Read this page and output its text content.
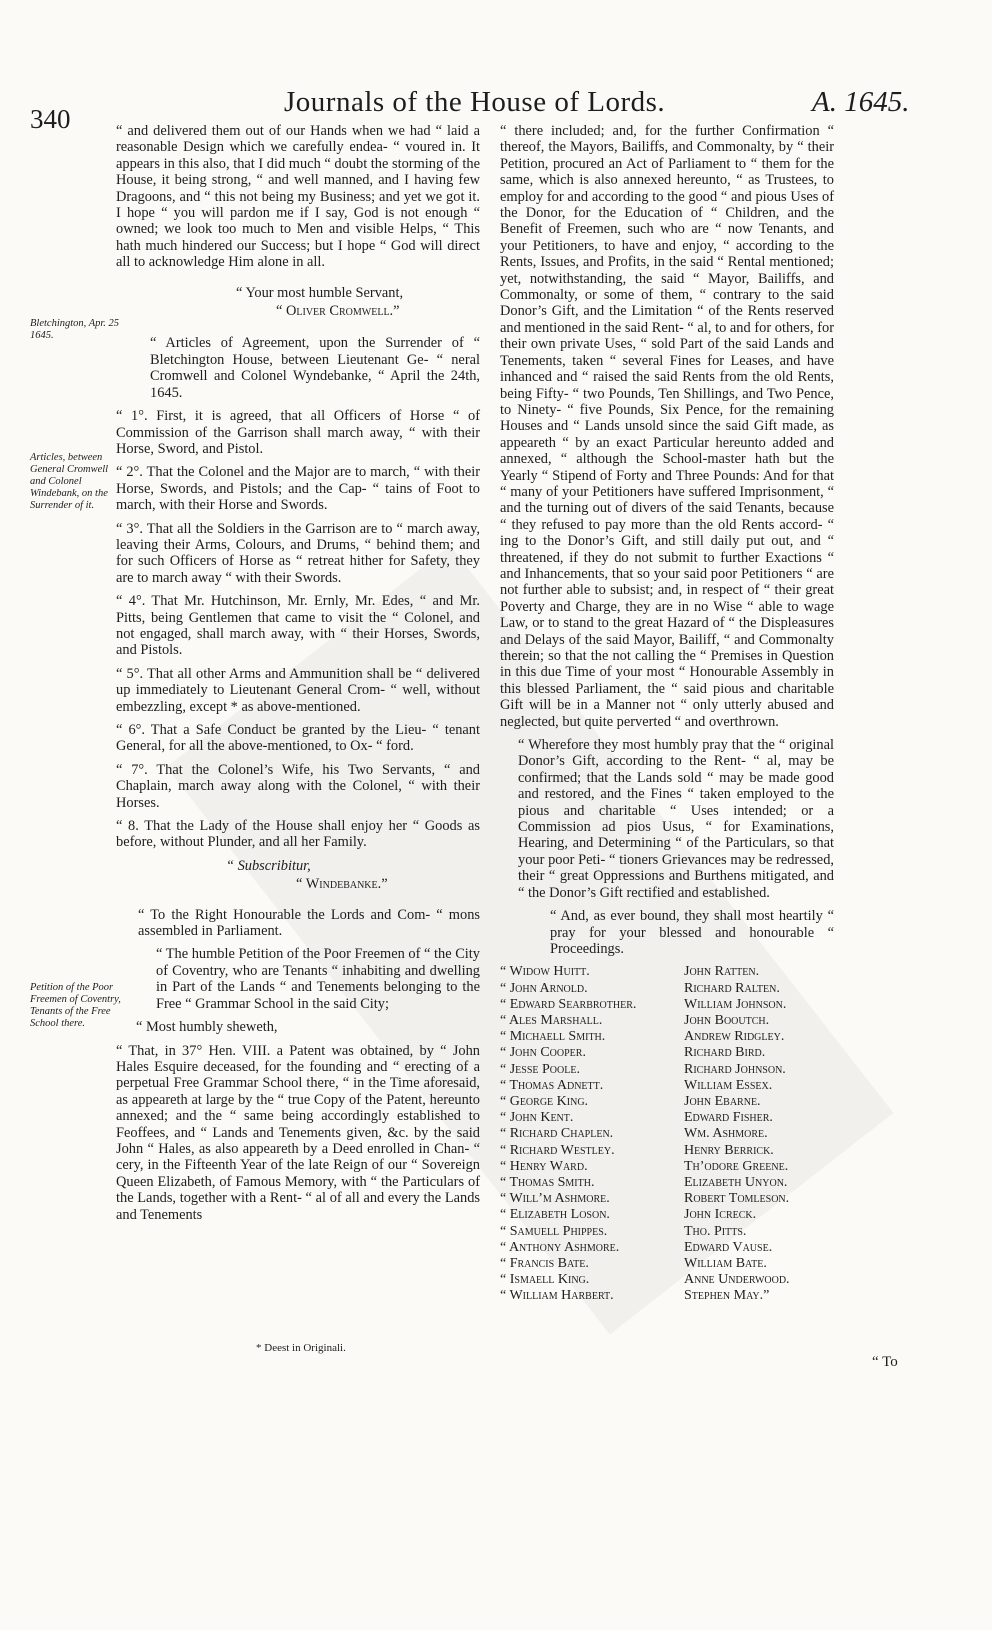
340
Journals of the House of Lords.	A. 1645.
Bletchington, Apr. 25 1645.
Articles, between General Cromwell and Colonel Windebank, on the Surrender of it.
Petition of the Poor Freemen of Coventry, Tenants of the Free School there.

“ and delivered them out of our Hands when we had “ laid a reasonable Design which we carefully endea- “ voured in. It appears in this also, that I did much “ doubt the storming of the House, it being strong, “ and well manned, and I having few Dragoons, and “ this not being my Business; and yet we got it. I hope “ you will pardon me if I say, God is not enough “ owned; we look too much to Men and visible Helps, “ This hath much hindered our Success; but I hope “ God will direct all to acknowledge Him alone in all.

“ Your most humble Servant,

“ Oliver Cromwell.”

“ Articles of Agreement, upon the Surrender of “ Bletchington House, between Lieutenant Ge- “ neral Cromwell and Colonel Wyndebanke, “ April the 24th, 1645.

“ 1°. First, it is agreed, that all Officers of Horse “ of Commission of the Garrison shall march away, “ with their Horse, Sword, and Pistol.

“ 2°. That the Colonel and the Major are to march, “ with their Horse, Swords, and Pistols; and the Cap- “ tains of Foot to march, with their Horse and Swords.

“ 3°. That all the Soldiers in the Garrison are to “ march away, leaving their Arms, Colours, and Drums, “ behind them; and for such Officers of Horse as “ retreat hither for Safety, they are to march away “ with their Swords.

“ 4°. That Mr. Hutchinson, Mr. Ernly, Mr. Edes, “ and Mr. Pitts, being Gentlemen that came to visit the “ Colonel, and not engaged, shall march away, with “ their Horses, Swords, and Pistols.

“ 5°. That all other Arms and Ammunition shall be “ delivered up immediately to Lieutenant General Crom- “ well, without embezzling, except * as above-mentioned.

“ 6°. That a Safe Conduct be granted by the Lieu- “ tenant General, for all the above-mentioned, to Ox- “ ford.

“ 7°. That the Colonel’s Wife, his Two Servants, “ and Chaplain, march away along with the Colonel, “ with their Horses.

“ 8. That the Lady of the House shall enjoy her “ Goods as before, without Plunder, and all her Family.

“ Subscribitur,

“ Windebanke.”

“ To the Right Honourable the Lords and Com- “ mons assembled in Parliament.

“ The humble Petition of the Poor Freemen of “ the City of Coventry, who are Tenants “ inhabiting and dwelling in Part of the Lands “ and Tenements belonging to the Free “ Grammar School in the said City;

“ Most humbly sheweth,

“ That, in 37° Hen. VIII. a Patent was obtained, by “ John Hales Esquire deceased, for the founding and “ erecting of a perpetual Free Grammar School there, “ in the Time aforesaid, as appeareth at large by the “ true Copy of the Patent, hereunto annexed; and the “ same being accordingly established to Feoffees, and “ Lands and Tenements given, &c. by the said John “ Hales, as also appeareth by a Deed enrolled in Chan- “ cery, in the Fifteenth Year of the late Reign of our “ Sovereign Queen Elizabeth, of Famous Memory, with “ the Particulars of the Lands, together with a Rent- “ al of all and every the Lands and Tenements

“ there included; and, for the further Confirmation “ thereof, the Mayors, Bailiffs, and Commonalty, by “ their Petition, procured an Act of Parliament to “ them for the same, which is also annexed hereunto, “ as Trustees, to employ for and according to the good “ and pious Uses of the Donor, for the Education of “ Children, and the Benefit of Freemen, such who are “ now Tenants, and your Petitioners, to have and enjoy, “ according to the Rents, Issues, and Profits, in the said “ Rental mentioned; yet, notwithstanding, the said “ Mayor, Bailiffs, and Commonalty, or some of them, “ contrary to the said Donor’s Gift, and the Limitation “ of the Rents reserved and mentioned in the said Rent- “ al, to and for others, for their own private Uses, “ sold Part of the said Lands and Tenements, taken “ several Fines for Leases, and have inhanced and “ raised the said Rents from the old Rents, being Fifty- “ two Pounds, Ten Shillings, and Two Pence, to Ninety- “ five Pounds, Six Pence, for the remaining Houses and “ Lands unsold since the said Gift made, as appeareth “ by an exact Particular hereunto added and annexed, “ although the School-master hath but the Yearly “ Stipend of Forty and Three Pounds: And for that “ many of your Petitioners have suffered Imprisonment, “ and the turning out of divers of the said Tenants, because “ they refused to pay more than the old Rents accord- “ ing to the Donor’s Gift, and still daily put out, and “ threatened, if they do not submit to further Exactions “ and Inhancements, that so your said poor Petitioners “ are not further able to subsist; and, in respect of “ their great Poverty and Charge, they are in no Wise “ able to wage Law, or to stand to the great Hazard of “ the Displeasures and Delays of the said Mayor, Bailiff, “ and Commonalty therein; so that the not calling the “ Premises in Question in this due Time of your most “ Honourable Assembly in this blessed Parliament, the “ said pious and charitable Gift will be in a Manner not “ only utterly abused and neglected, but quite perverted “ and overthrown.

“ Wherefore they most humbly pray that the “ original Donor’s Gift, according to the Rent- “ al, may be confirmed; that the Lands sold “ may be made good and restored, and the Fines “ taken employed to the pious and charitable “ Uses intended; or a Commission ad pios Usus, “ for Examinations, Hearing, and Determining “ of the Particulars, so that your poor Peti- “ tioners Grievances may be redressed, their “ great Oppressions and Burthens mitigated, and “ the Donor’s Gift rectified and established.

“ And, as ever bound, they shall most heartily “ pray for your blessed and honourable “ Proceedings.

“ Widow Huitt.	John Ratten.
“ John Arnold.	Richard Ralten.
“ Edward Searbrother.	William Johnson.
“ Ales Marshall.	John Booutch.
“ Michaell Smith.	Andrew Ridgley.
“ John Cooper.	Richard Bird.
“ Jesse Poole.	Richard Johnson.
“ Thomas Adnett.	William Essex.
“ George King.	John Ebarne.
“ John Kent.	Edward Fisher.
“ Richard Chaplen.	Wm. Ashmore.
“ Richard Westley.	Henry Berrick.
“ Henry Ward.	Th’odore Greene.
“ Thomas Smith.	Elizabeth Unyon.
“ Will’m Ashmore.	Robert Tomleson.
“ Elizabeth Loson.	John Icreck.
“ Samuell Phippes.	Tho. Pitts.
“ Anthony Ashmore.	Edward Vause.
“ Francis Bate.	William Bate.
“ Ismaell King.	Anne Underwood.
“ William Harbert.	Stephen May.”
* Deest in Originali.
“ To
